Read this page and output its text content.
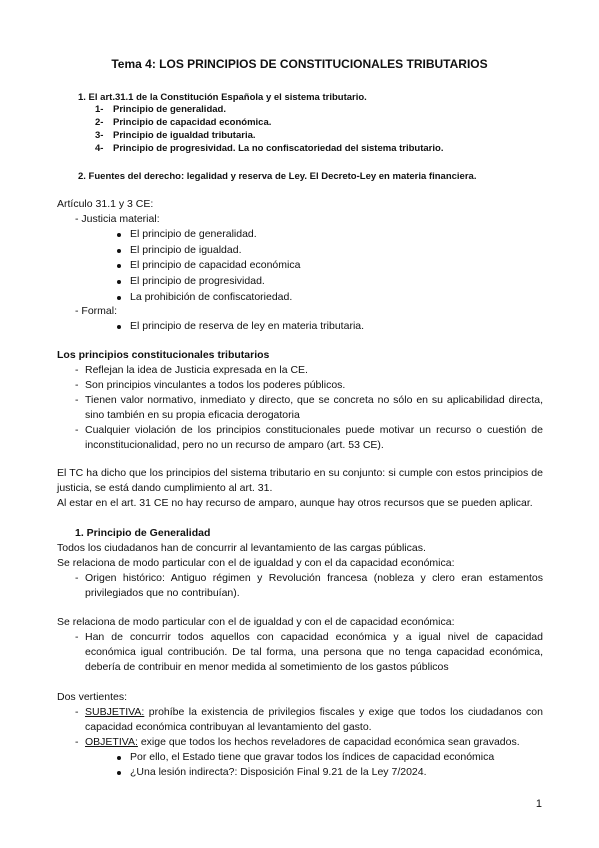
Tema 4: LOS PRINCIPIOS DE CONSTITUCIONALES TRIBUTARIOS
1. El art.31.1 de la Constitución Española y el sistema tributario.
1- Principio de generalidad.
2- Principio de capacidad económica.
3- Principio de igualdad tributaria.
4- Principio de progresividad. La no confiscatoriedad del sistema tributario.
2. Fuentes del derecho: legalidad y reserva de Ley. El Decreto-Ley en materia financiera.
Artículo 31.1 y 3 CE:
- Justicia material:
El principio de generalidad.
El principio de igualdad.
El principio de capacidad económica
El principio de progresividad.
La prohibición de confiscatoriedad.
- Formal:
El principio de reserva de ley en materia tributaria.
Los principios constitucionales tributarios
- Reflejan la idea de Justicia expresada en la CE.
- Son principios vinculantes a todos los poderes públicos.
- Tienen valor normativo, inmediato y directo, que se concreta no sólo en su aplicabilidad directa, sino también en su propia eficacia derogatoria
- Cualquier violación de los principios constitucionales puede motivar un recurso o cuestión de inconstitucionalidad, pero no un recurso de amparo (art. 53 CE).
El TC ha dicho que los principios del sistema tributario en su conjunto: si cumple con estos principios de justicia, se está dando cumplimiento al art. 31.
Al estar en el art. 31 CE no hay recurso de amparo, aunque hay otros recursos que se pueden aplicar.
1. Principio de Generalidad
Todos los ciudadanos han de concurrir al levantamiento de las cargas públicas.
Se relaciona de modo particular con el de igualdad y con el da capacidad económica:
- Origen histórico: Antiguo régimen y Revolución francesa (nobleza y clero eran estamentos privilegiados que no contribuían).
Se relaciona de modo particular con el de igualdad y con el de capacidad económica:
- Han de concurrir todos aquellos con capacidad económica y a igual nivel de capacidad económica igual contribución. De tal forma, una persona que no tenga capacidad económica, debería de contribuir en menor medida al sometimiento de los gastos públicos
Dos vertientes:
- SUBJETIVA: prohíbe la existencia de privilegios fiscales y exige que todos los ciudadanos con capacidad económica contribuyan al levantamiento del gasto.
- OBJETIVA: exige que todos los hechos reveladores de capacidad económica sean gravados.
Por ello, el Estado tiene que gravar todos los índices de capacidad económica
¿Una lesión indirecta?: Disposición Final 9.21 de la Ley 7/2024.
1
